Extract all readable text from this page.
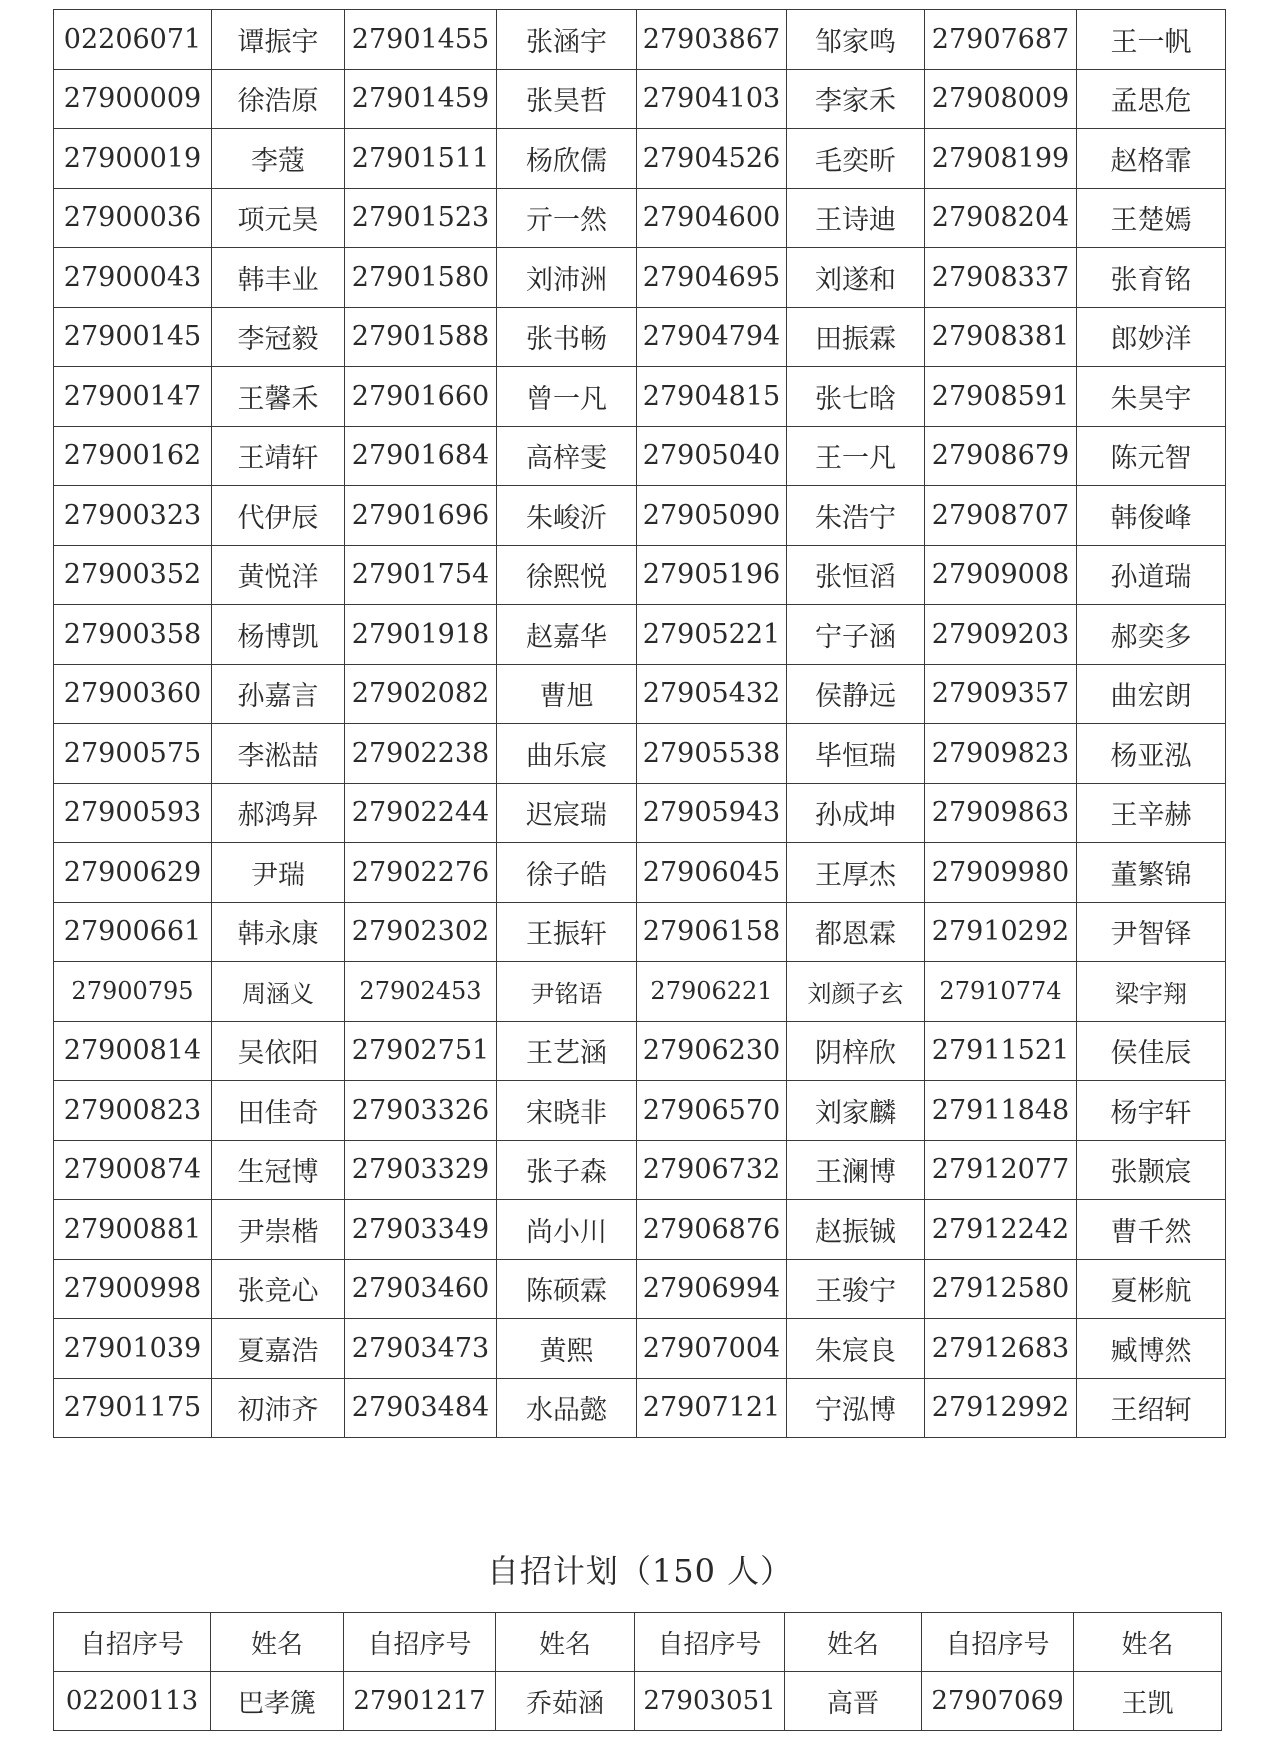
02206071	谭振宇	27901455	张涵宇	27903867	邹家鸣	27907687	王一帆
27900009	徐浩原	27901459	张昊哲	27904103	李家禾	27908009	孟思危
27900019	李蔻	27901511	杨欣儒	27904526	毛奕昕	27908199	赵格霏
27900036	项元昊	27901523	亓一然	27904600	王诗迪	27908204	王楚嫣
27900043	韩丰业	27901580	刘沛洲	27904695	刘遂和	27908337	张育铭
27900145	李冠毅	27901588	张书畅	27904794	田振霖	27908381	郎妙洋
27900147	王馨禾	27901660	曾一凡	27904815	张七晗	27908591	朱昊宇
27900162	王靖轩	27901684	高梓雯	27905040	王一凡	27908679	陈元智
27900323	代伊辰	27901696	朱峻沂	27905090	朱浩宁	27908707	韩俊峰
27900352	黄悦洋	27901754	徐熙悦	27905196	张恒滔	27909008	孙道瑞
27900358	杨博凯	27901918	赵嘉华	27905221	宁子涵	27909203	郝奕多
27900360	孙嘉言	27902082	曹旭	27905432	侯静远	27909357	曲宏朗
27900575	李淞喆	27902238	曲乐宸	27905538	毕恒瑞	27909823	杨亚泓
27900593	郝鸿昇	27902244	迟宸瑞	27905943	孙成坤	27909863	王辛赫
27900629	尹瑞	27902276	徐子皓	27906045	王厚杰	27909980	董繁锦
27900661	韩永康	27902302	王振轩	27906158	都恩霖	27910292	尹智铎
27900795	周涵义	27902453	尹铭语	27906221	刘颜子玄	27910774	梁宇翔
27900814	吴依阳	27902751	王艺涵	27906230	阴梓欣	27911521	侯佳辰
27900823	田佳奇	27903326	宋晓非	27906570	刘家麟	27911848	杨宇轩
27900874	生冠博	27903329	张子森	27906732	王澜博	27912077	张颢宸
27900881	尹崇楷	27903349	尚小川	27906876	赵振铖	27912242	曹千然
27900998	张竞心	27903460	陈硕霖	27906994	王骏宁	27912580	夏彬航
27901039	夏嘉浩	27903473	黄熙	27907004	朱宸良	27912683	臧博然
27901175	初沛齐	27903484	水品懿	27907121	宁泓博	27912992	王绍轲
自招计划（150 人）
自招序号	姓名	自招序号	姓名	自招序号	姓名	自招序号	姓名
02200113	巴孝篪	27901217	乔茹涵	27903051	高晋	27907069	王凯
